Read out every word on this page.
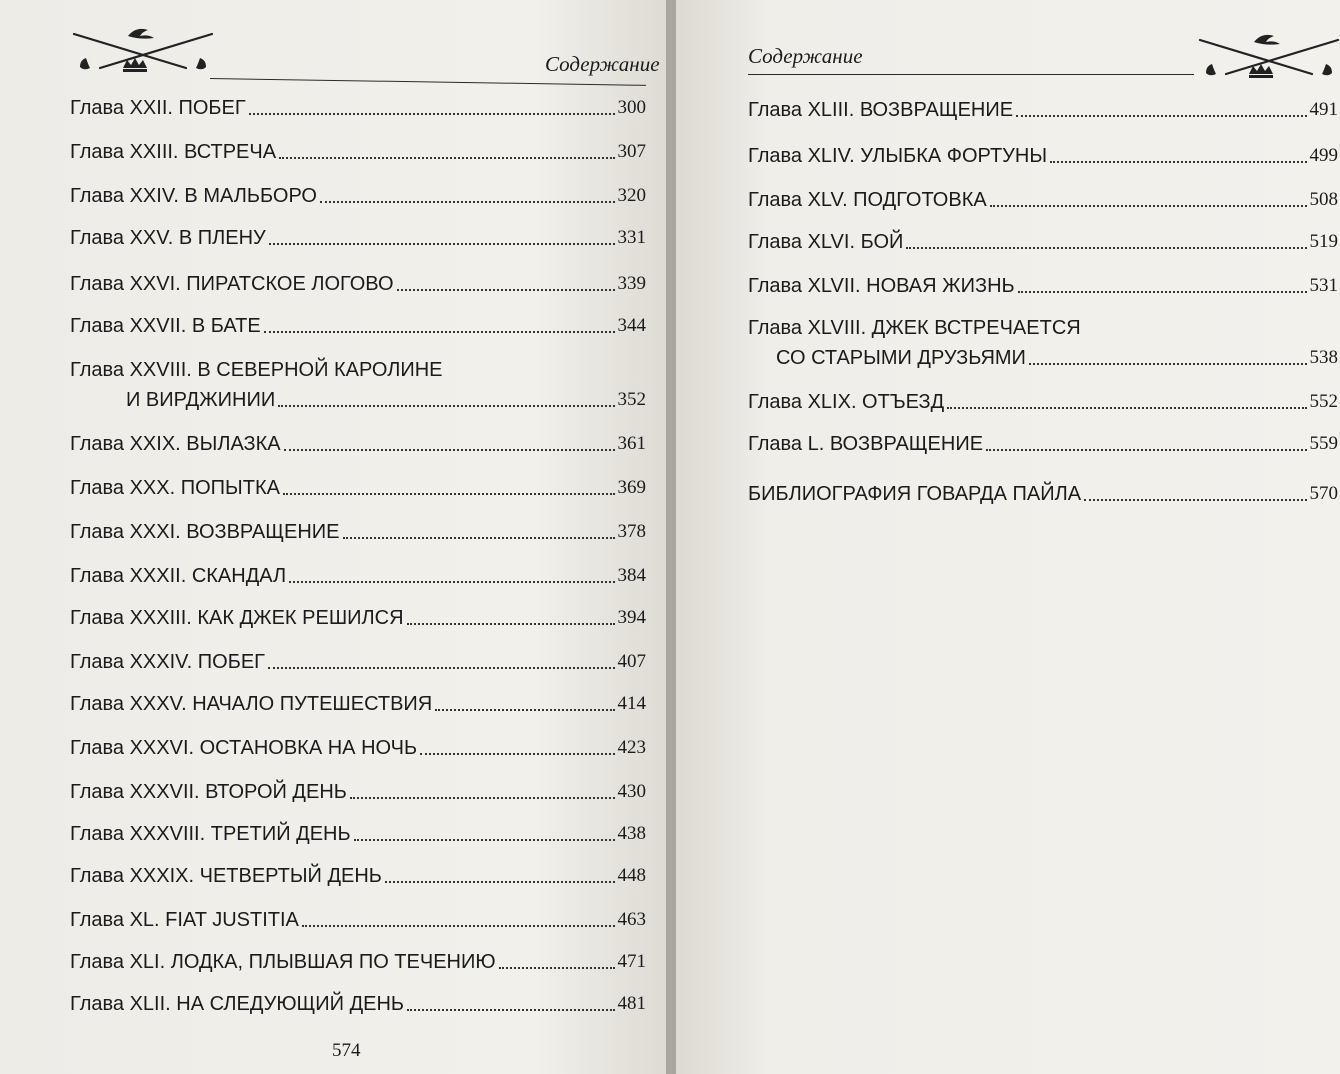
Содержание
Глава XXII. ПОБЕГ	300
Глава XXIII. ВСТРЕЧА	307
Глава XXIV. В МАЛЬБОРО	320
Глава XXV. В ПЛЕНУ	331
Глава XXVI. ПИРАТСКОЕ ЛОГОВО	339
Глава XXVII. В БАТЕ	344
Глава XXVIII. В СЕВЕРНОЙ КАРОЛИНЕ
И ВИРДЖИНИИ	352
Глава XXIX. ВЫЛАЗКА	361
Глава XXX. ПОПЫТКА	369
Глава XXXI. ВОЗВРАЩЕНИЕ	378
Глава XXXII. СКАНДАЛ	384
Глава XXXIII. КАК ДЖЕК РЕШИЛСЯ	394
Глава XXXIV. ПОБЕГ	407
Глава XXXV. НАЧАЛО ПУТЕШЕСТВИЯ	414
Глава XXXVI. ОСТАНОВКА НА НОЧЬ	423
Глава XXXVII. ВТОРОЙ ДЕНЬ	430
Глава XXXVIII. ТРЕТИЙ ДЕНЬ	438
Глава XXXIX. ЧЕТВЕРТЫЙ ДЕНЬ	448
Глава XL. FIAT JUSTITIA	463
Глава XLI. ЛОДКА, ПЛЫВШАЯ ПО ТЕЧЕНИЮ	471
Глава XLII. НА СЛЕДУЮЩИЙ ДЕНЬ	481
574
Содержание
Глава XLIII. ВОЗВРАЩЕНИЕ	491
Глава XLIV. УЛЫБКА ФОРТУНЫ	499
Глава XLV. ПОДГОТОВКА	508
Глава XLVI. БОЙ	519
Глава XLVII. НОВАЯ ЖИЗНЬ	531
Глава XLVIII. ДЖЕК ВСТРЕЧАЕТСЯ
СО СТАРЫМИ ДРУЗЬЯМИ	538
Глава XLIX. ОТЪЕЗД	552
Глава L. ВОЗВРАЩЕНИЕ	559
БИБЛИОГРАФИЯ ГОВАРДА ПАЙЛА	570
